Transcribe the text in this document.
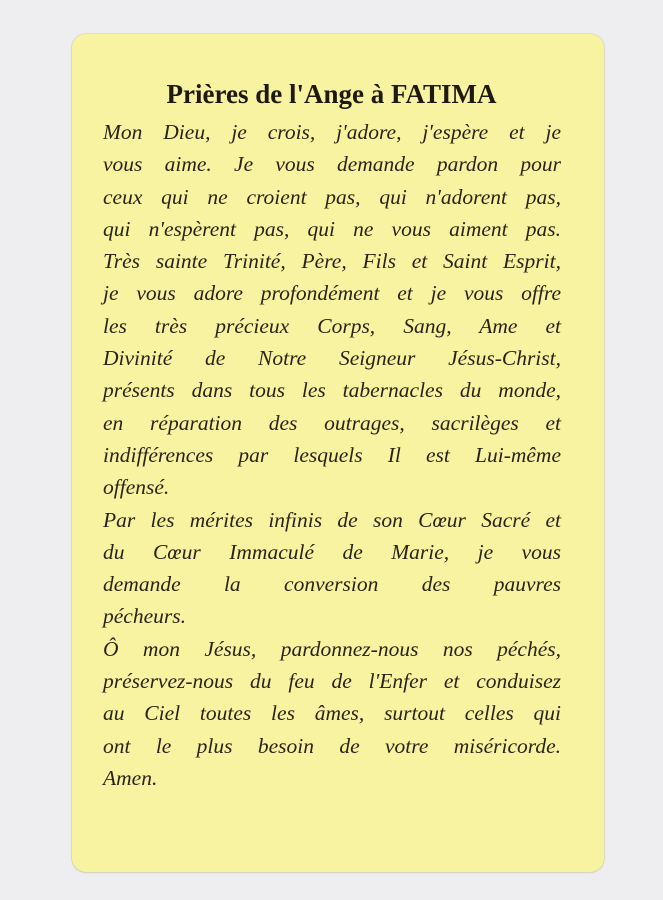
Prières de l'Ange à FATIMA

Mon Dieu, je crois, j'adore, j'espère et je
vous aime. Je vous demande pardon pour
ceux qui ne croient pas, qui n'adorent pas,
qui n'espèrent pas, qui ne vous aiment pas.
Très sainte Trinité, Père, Fils et Saint Esprit,
je vous adore profondément et je vous offre
les très précieux Corps, Sang, Ame et
Divinité de Notre Seigneur Jésus-Christ,
présents dans tous les tabernacles du monde,
en réparation des outrages, sacrilèges et
indifférences par lesquels Il est Lui-même
offensé.

Par les mérites infinis de son Cœur Sacré et
du Cœur Immaculé de Marie, je vous
demande la conversion des pauvres
pécheurs.

Ô mon Jésus, pardonnez-nous nos péchés,
préservez-nous du feu de l'Enfer et conduisez
au Ciel toutes les âmes, surtout celles qui
ont le plus besoin de votre miséricorde.
Amen.
